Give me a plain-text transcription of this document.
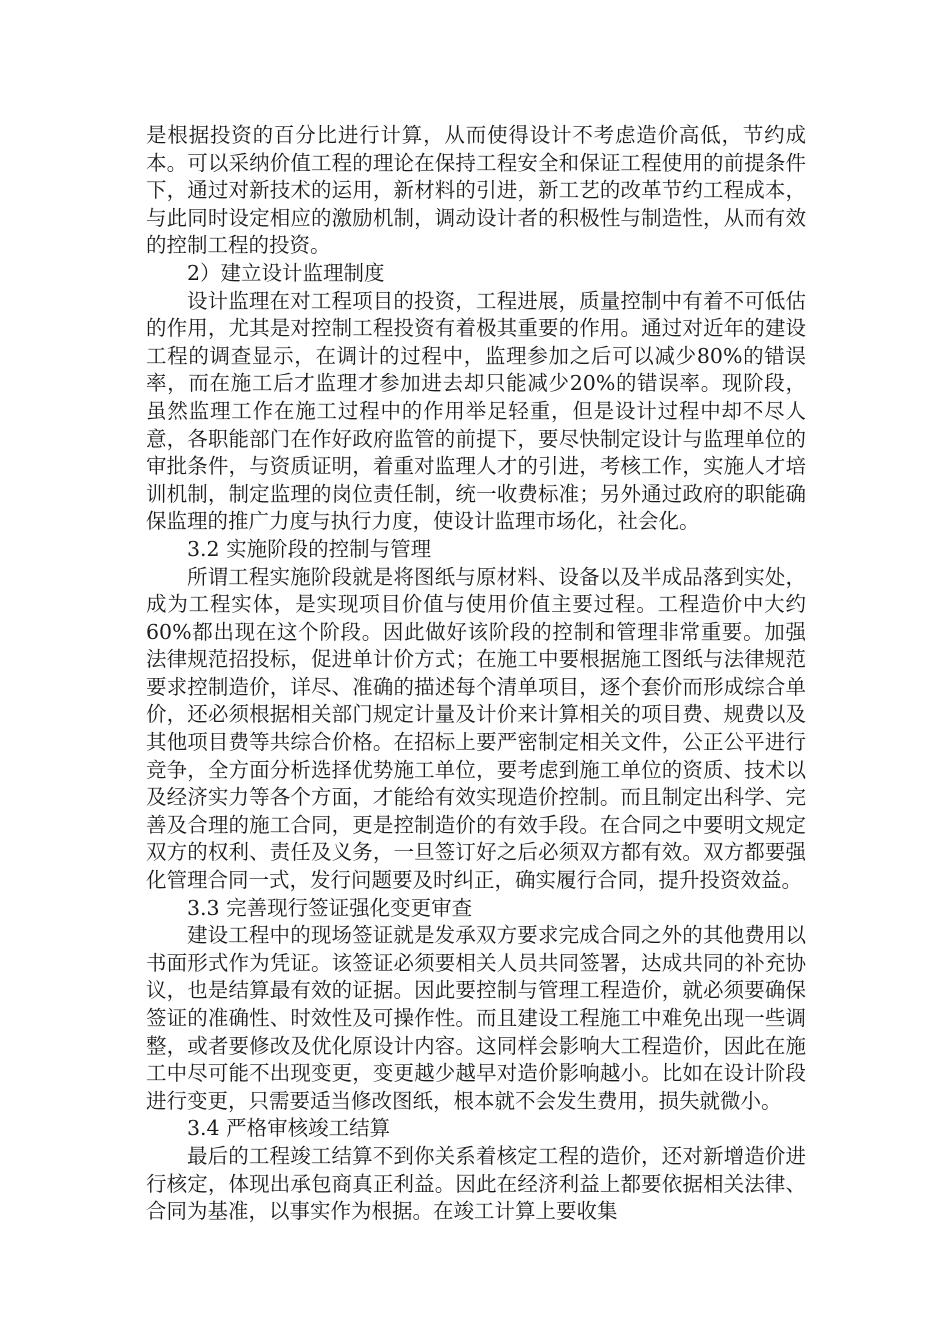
是根据投资的百分比进行计算，从而使得设计不考虑造价高低，节约成本。可以采纳价值工程的理论在保持工程安全和保证工程使用的前提条件下，通过对新技术的运用，新材料的引进，新工艺的改革节约工程成本，与此同时设定相应的激励机制，调动设计者的积极性与制造性，从而有效的控制工程的投资。

2）建立设计监理制度

设计监理在对工程项目的投资，工程进展，质量控制中有着不可低估的作用，尤其是对控制工程投资有着极其重要的作用。通过对近年的建设工程的调查显示，在调计的过程中，监理参加之后可以减少80%的错误率，而在施工后才监理才参加进去却只能减少20%的错误率。现阶段，虽然监理工作在施工过程中的作用举足轻重，但是设计过程中却不尽人意，各职能部门在作好政府监管的前提下，要尽快制定设计与监理单位的审批条件，与资质证明，着重对监理人才的引进，考核工作，实施人才培训机制，制定监理的岗位责任制，统一收费标准；另外通过政府的职能确保监理的推广力度与执行力度，使设计监理市场化，社会化。

3.2 实施阶段的控制与管理

所谓工程实施阶段就是将图纸与原材料、设备以及半成品落到实处，成为工程实体，是实现项目价值与使用价值主要过程。工程造价中大约60%都出现在这个阶段。因此做好该阶段的控制和管理非常重要。加强法律规范招投标，促进单计价方式；在施工中要根据施工图纸与法律规范要求控制造价，详尽、准确的描述每个清单项目，逐个套价而形成综合单价，还必须根据相关部门规定计量及计价来计算相关的项目费、规费以及其他项目费等共综合价格。在招标上要严密制定相关文件，公正公平进行竞争，全方面分析选择优势施工单位，要考虑到施工单位的资质、技术以及经济实力等各个方面，才能给有效实现造价控制。而且制定出科学、完善及合理的施工合同，更是控制造价的有效手段。在合同之中要明文规定双方的权利、责任及义务，一旦签订好之后必须双方都有效。双方都要强化管理合同一式，发行问题要及时纠正，确实履行合同，提升投资效益。

3.3 完善现行签证强化变更审查

建设工程中的现场签证就是发承双方要求完成合同之外的其他费用以书面形式作为凭证。该签证必须要相关人员共同签署，达成共同的补充协议，也是结算最有效的证据。因此要控制与管理工程造价，就必须要确保签证的准确性、时效性及可操作性。而且建设工程施工中难免出现一些调整，或者要修改及优化原设计内容。这同样会影响大工程造价，因此在施工中尽可能不出现变更，变更越少越早对造价影响越小。比如在设计阶段进行变更，只需要适当修改图纸，根本就不会发生费用，损失就微小。

3.4 严格审核竣工结算

最后的工程竣工结算不到你关系着核定工程的造价，还对新增造价进行核定，体现出承包商真正利益。因此在经济利益上都要依据相关法律、合同为基准，以事实作为根据。在竣工计算上要收集
